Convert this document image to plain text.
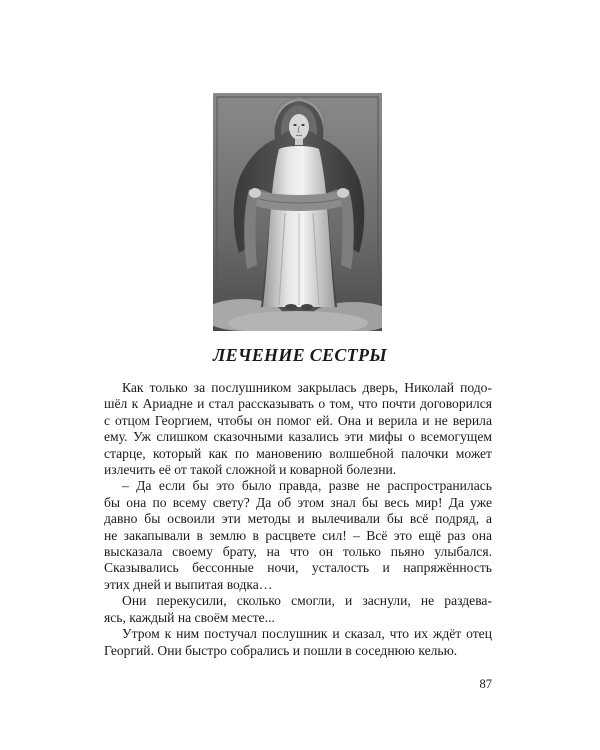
ЛЕЧЕНИЕ СЕСТРЫ
Как только за послушником закрылась дверь, Николай подо-
шёл к Ариадне и стал рассказывать о том, что почти договорился
с отцом Георгием, чтобы он помог ей. Она и верила и не верила
ему. Уж слишком сказочными казались эти мифы о всемогущем
старце, который как по мановению волшебной палочки может
излечить её от такой сложной и коварной болезни.
– Да если бы это было правда, разве не распространилась
бы она по всему свету? Да об этом знал бы весь мир! Да уже
давно бы освоили эти методы и вылечивали бы всё подряд, а
не закапывали в землю в расцвете сил! – Всё это ещё раз она
высказала своему брату, на что он только пьяно улыбался.
Сказывались бессонные ночи, усталость и напряжённость
этих дней и выпитая водка…
Они перекусили, сколько смогли, и заснули, не раздева-
ясь, каждый на своём месте...
Утром к ним постучал послушник и сказал, что их ждёт отец
Георгий. Они быстро собрались и пошли в соседнюю келью.
87
